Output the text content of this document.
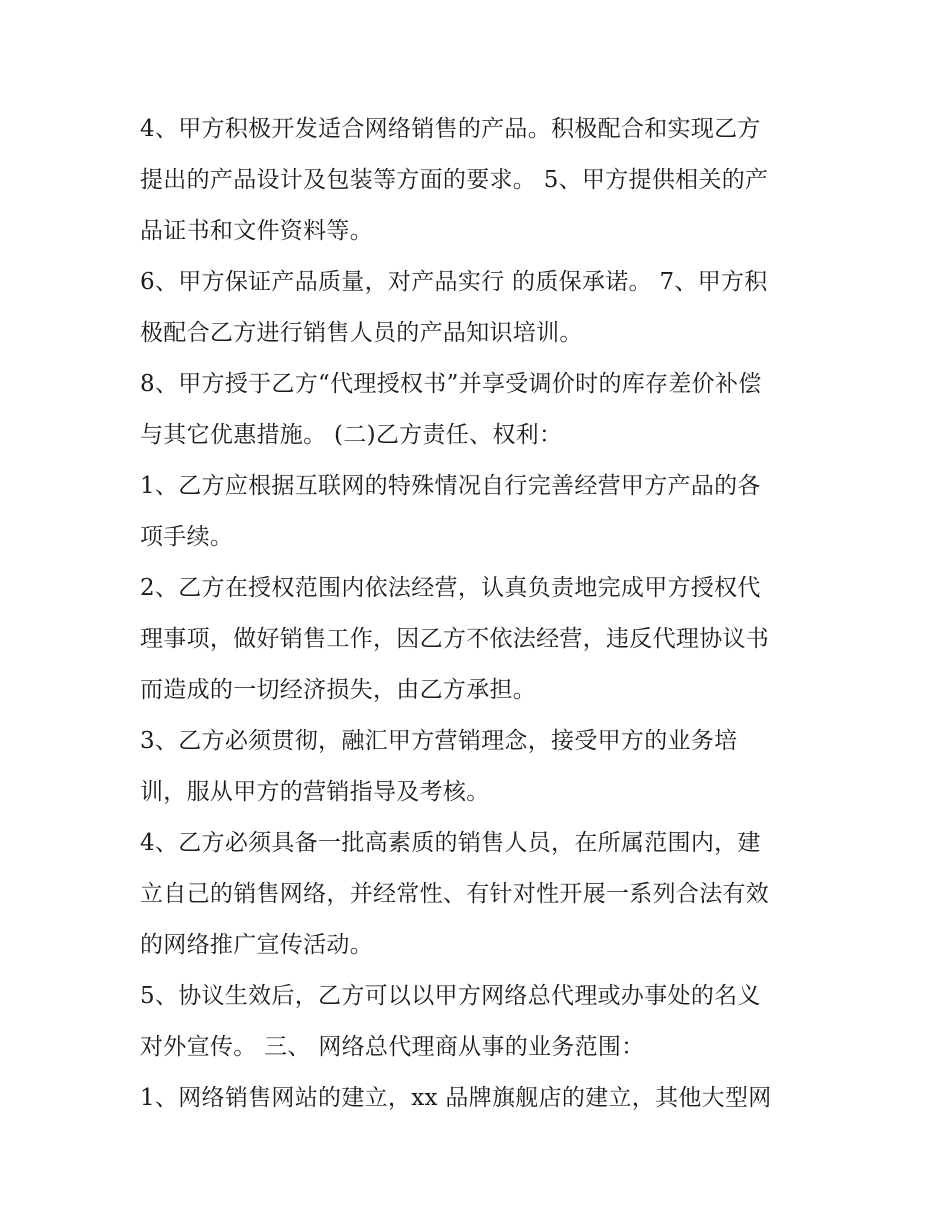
4、甲方积极开发适合网络销售的产品。积极配合和实现乙方
提出的产品设计及包装等方面的要求。 5、甲方提供相关的产
品证书和文件资料等。
6、甲方保证产品质量，对产品实行 的质保承诺。 7、甲方积
极配合乙方进行销售人员的产品知识培训。
8、甲方授于乙方“代理授权书”并享受调价时的库存差价补偿
与其它优惠措施。 (二)乙方责任、权利：
1、乙方应根据互联网的特殊情况自行完善经营甲方产品的各
项手续。
2、乙方在授权范围内依法经营，认真负责地完成甲方授权代
理事项，做好销售工作，因乙方不依法经营，违反代理协议书
而造成的一切经济损失，由乙方承担。
3、乙方必须贯彻，融汇甲方营销理念，接受甲方的业务培
训，服从甲方的营销指导及考核。
4、乙方必须具备一批高素质的销售人员，在所属范围内，建
立自己的销售网络，并经常性、有针对性开展一系列合法有效
的网络推广宣传活动。
5、协议生效后，乙方可以以甲方网络总代理或办事处的名义
对外宣传。 三、 网络总代理商从事的业务范围：
1、网络销售网站的建立，xx 品牌旗舰店的建立，其他大型网
